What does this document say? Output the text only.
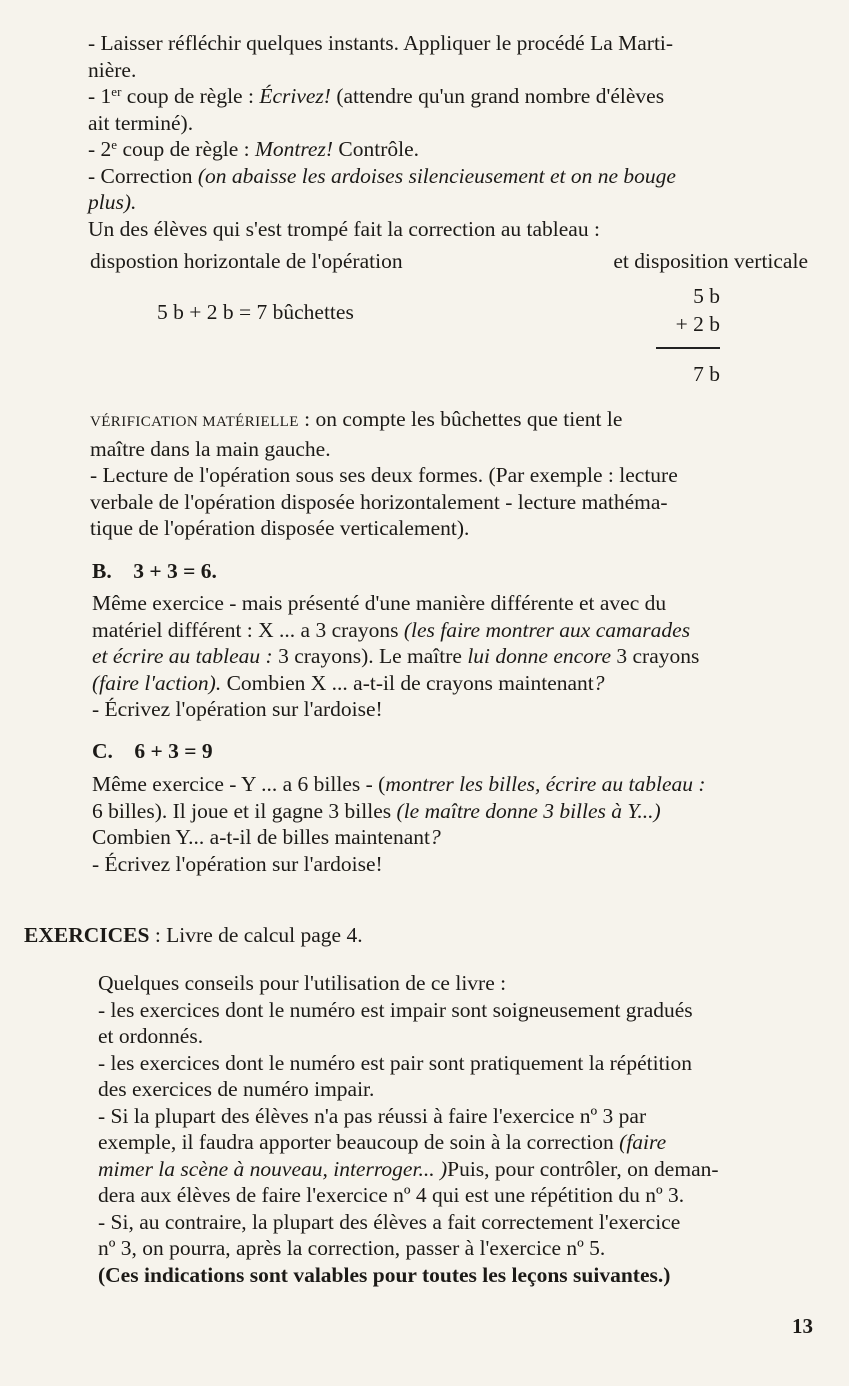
- Laisser réfléchir quelques instants. Appliquer le procédé La Marti-

nière.

- 1er coup de règle : Écrivez! (attendre qu'un grand nombre d'élèves

ait terminé).

- 2e coup de règle : Montrez! Contrôle.

- Correction (on abaisse les ardoises silencieusement et on ne bouge

plus).

Un des élèves qui s'est trompé fait la correction au tableau :

dispostion horizontale de l'opération	et disposition verticale
5 b + 2 b = 7 bûchettes
5 b
+ 2 b
7 b

VÉRIFICATION MATÉRIELLE : on compte les bûchettes que tient le

maître dans la main gauche.

- Lecture de l'opération sous ses deux formes. (Par exemple : lecture

verbale de l'opération disposée horizontalement - lecture mathéma-

tique de l'opération disposée verticalement).

B.    3 + 3 = 6.

Même exercice - mais présenté d'une manière différente et avec du

matériel différent : X ... a 3 crayons (les faire montrer aux camarades

et écrire au tableau : 3 crayons). Le maître lui donne encore 3 crayons

(faire l'action). Combien X ... a-t-il de crayons maintenant?

- Écrivez l'opération sur l'ardoise!

C.    6 + 3 = 9

Même exercice - Y ... a 6 billes - (montrer les billes, écrire au tableau :

6 billes). Il joue et il gagne 3 billes (le maître donne 3 billes à Y...)

Combien Y... a-t-il de billes maintenant?

- Écrivez l'opération sur l'ardoise!

EXERCICES : Livre de calcul page 4.

Quelques conseils pour l'utilisation de ce livre :

- les exercices dont le numéro est impair sont soigneusement gradués

et ordonnés.

- les exercices dont le numéro est pair sont pratiquement la répétition

des exercices de numéro impair.

- Si la plupart des élèves n'a pas réussi à faire l'exercice nº 3 par

exemple, il faudra apporter beaucoup de soin à la correction (faire

mimer la scène à nouveau, interroger... )Puis, pour contrôler, on deman-

dera aux élèves de faire l'exercice nº 4 qui est une répétition du nº 3.

- Si, au contraire, la plupart des élèves a fait correctement l'exercice

nº 3, on pourra, après la correction, passer à l'exercice nº 5.

(Ces indications sont valables pour toutes les leçons suivantes.)

13
